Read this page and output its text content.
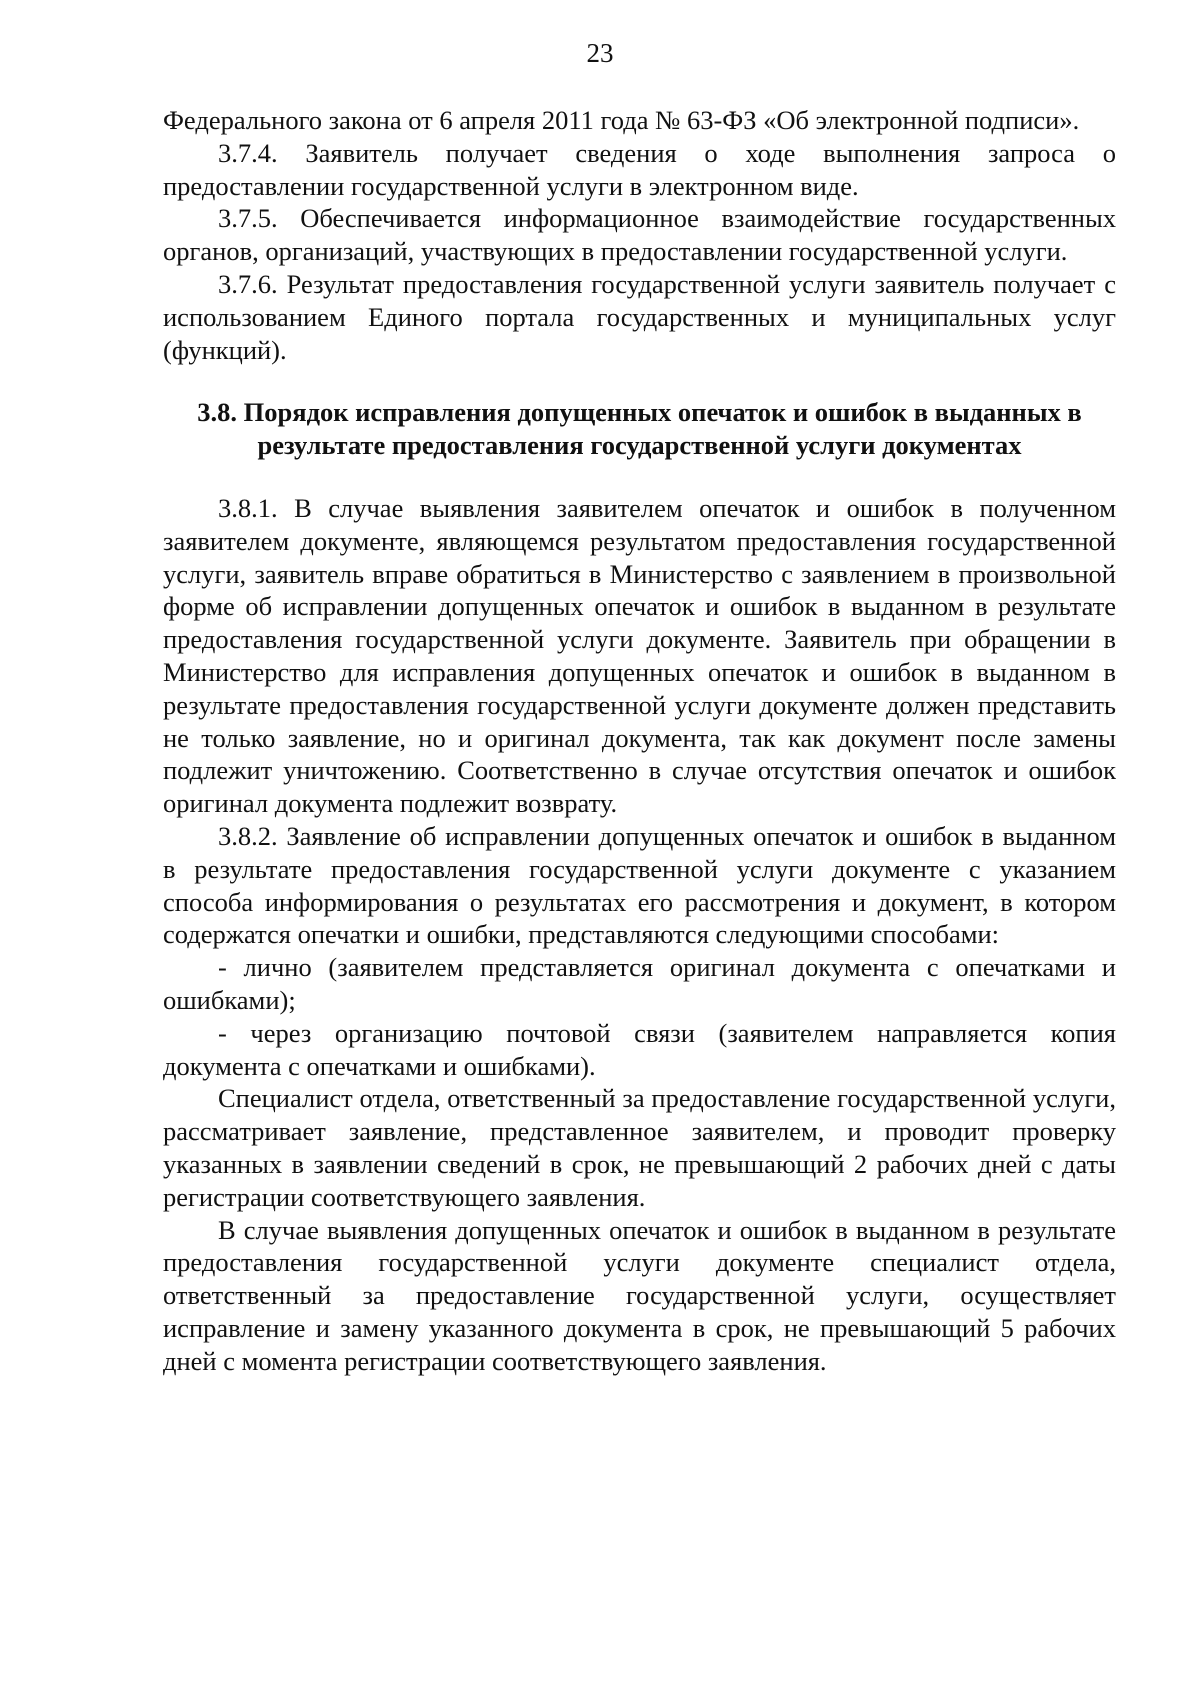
23

Федерального закона от 6 апреля 2011 года № 63-ФЗ «Об электронной подписи».

3.7.4. Заявитель получает сведения о ходе выполнения запроса о предоставлении государственной услуги в электронном виде.

3.7.5. Обеспечивается информационное взаимодействие государственных органов, организаций, участвующих в предоставлении государственной услуги.

3.7.6. Результат предоставления государственной услуги заявитель получает с использованием Единого портала государственных и муниципальных услуг (функций).

3.8. Порядок исправления допущенных опечаток и ошибок в выданных в результате предоставления государственной услуги документах

3.8.1. В случае выявления заявителем опечаток и ошибок в полученном заявителем документе, являющемся результатом предоставления государственной услуги, заявитель вправе обратиться в Министерство с заявлением в произвольной форме об исправлении допущенных опечаток и ошибок в выданном в результате предоставления государственной услуги документе. Заявитель при обращении в Министерство для исправления допущенных опечаток и ошибок в выданном в результате предоставления государственной услуги документе должен представить не только заявление, но и оригинал документа, так как документ после замены подлежит уничтожению. Соответственно в случае отсутствия опечаток и ошибок оригинал документа подлежит возврату.

3.8.2. Заявление об исправлении допущенных опечаток и ошибок в выданном в результате предоставления государственной услуги документе с указанием способа информирования о результатах его рассмотрения и документ, в котором содержатся опечатки и ошибки, представляются следующими способами:

- лично (заявителем представляется оригинал документа с опечатками и ошибками);

- через организацию почтовой связи (заявителем направляется копия документа с опечатками и ошибками).

Специалист отдела, ответственный за предоставление государственной услуги, рассматривает заявление, представленное заявителем, и проводит проверку указанных в заявлении сведений в срок, не превышающий 2 рабочих дней с даты регистрации соответствующего заявления.

В случае выявления допущенных опечаток и ошибок в выданном в результате предоставления государственной услуги документе специалист отдела, ответственный за предоставление государственной услуги, осуществляет исправление и замену указанного документа в срок, не превышающий 5 рабочих дней с момента регистрации соответствующего заявления.
